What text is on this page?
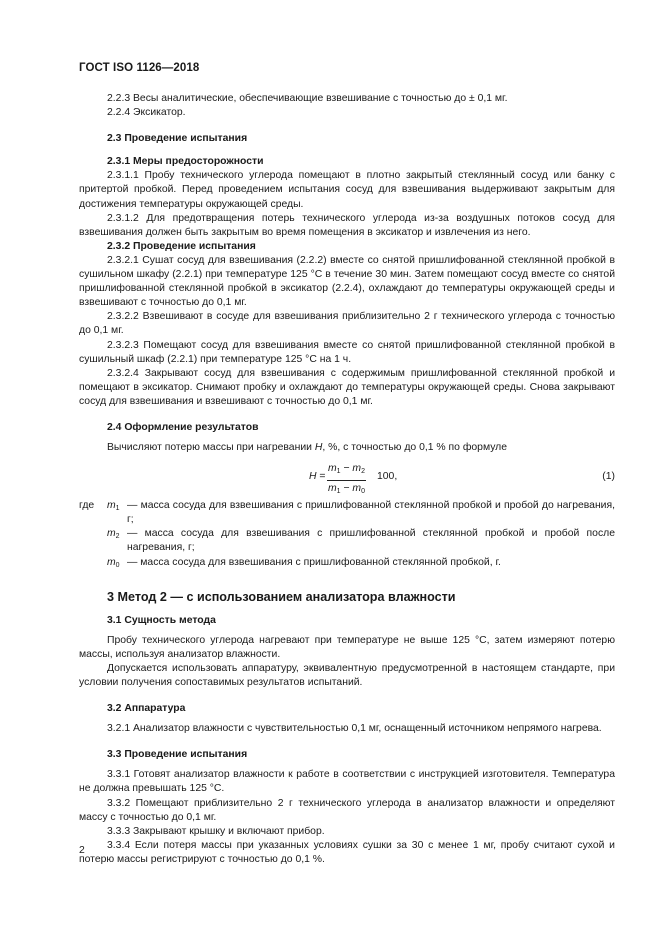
ГОСТ ISO 1126—2018

2.2.3 Весы аналитические, обеспечивающие взвешивание с точностью до ± 0,1 мг.

2.2.4 Эксикатор.

2.3 Проведение испытания

2.3.1 Меры предосторожности

2.3.1.1 Пробу технического углерода помещают в плотно закрытый стеклянный сосуд или банку с притертой пробкой. Перед проведением испытания сосуд для взвешивания выдерживают закрытым для достижения температуры окружающей среды.

2.3.1.2 Для предотвращения потерь технического углерода из-за воздушных потоков сосуд для взвешивания должен быть закрытым во время помещения в эксикатор и извлечения из него.

2.3.2 Проведение испытания

2.3.2.1 Сушат сосуд для взвешивания (2.2.2) вместе со снятой пришлифованной стеклянной пробкой в сушильном шкафу (2.2.1) при температуре 125 °С в течение 30 мин. Затем помещают сосуд вместе со снятой пришлифованной стеклянной пробкой в эксикатор (2.2.4), охлаждают до температуры окружающей среды и взвешивают с точностью до 0,1 мг.

2.3.2.2 Взвешивают в сосуде для взвешивания приблизительно 2 г технического углерода с точностью до 0,1 мг.

2.3.2.3 Помещают сосуд для взвешивания вместе со снятой пришлифованной стеклянной пробкой в сушильный шкаф (2.2.1) при температуре 125 °С на 1 ч.

2.3.2.4 Закрывают сосуд для взвешивания с содержимым пришлифованной стеклянной пробкой и помещают в эксикатор. Снимают пробку и охлаждают до температуры окружающей среды. Снова закрывают сосуд для взвешивания и взвешивают с точностью до 0,1 мг.

2.4 Оформление результатов

Вычисляют потерю массы при нагревании H, %, с точностью до 0,1 % по формуле

$H = \frac{m_1 - m_2}{m_1 - m_0} 100$,	(1)
где	$m_1$ — масса сосуда для взвешивания с пришлифованной стеклянной пробкой и пробой до нагревания, г;
$m_2$ — масса сосуда для взвешивания с пришлифованной стеклянной пробкой и пробой после нагревания, г;
$m_0$ — масса сосуда для взвешивания с пришлифованной стеклянной пробкой, г.

3 Метод 2 — с использованием анализатора влажности

3.1 Сущность метода

Пробу технического углерода нагревают при температуре не выше 125 °С, затем измеряют потерю массы, используя анализатор влажности.

Допускается использовать аппаратуру, эквивалентную предусмотренной в настоящем стандарте, при условии получения сопоставимых результатов испытаний.

3.2 Аппаратура

3.2.1 Анализатор влажности с чувствительностью 0,1 мг, оснащенный источником непрямого нагрева.

3.3 Проведение испытания

3.3.1 Готовят анализатор влажности к работе в соответствии с инструкцией изготовителя. Температура не должна превышать 125 °С.

3.3.2 Помещают приблизительно 2 г технического углерода в анализатор влажности и определяют массу с точностью до 0,1 мг.

3.3.3 Закрывают крышку и включают прибор.

3.3.4 Если потеря массы при указанных условиях сушки за 30 с менее 1 мг, пробу считают сухой и потерю массы регистрируют с точностью до 0,1 %.

2
